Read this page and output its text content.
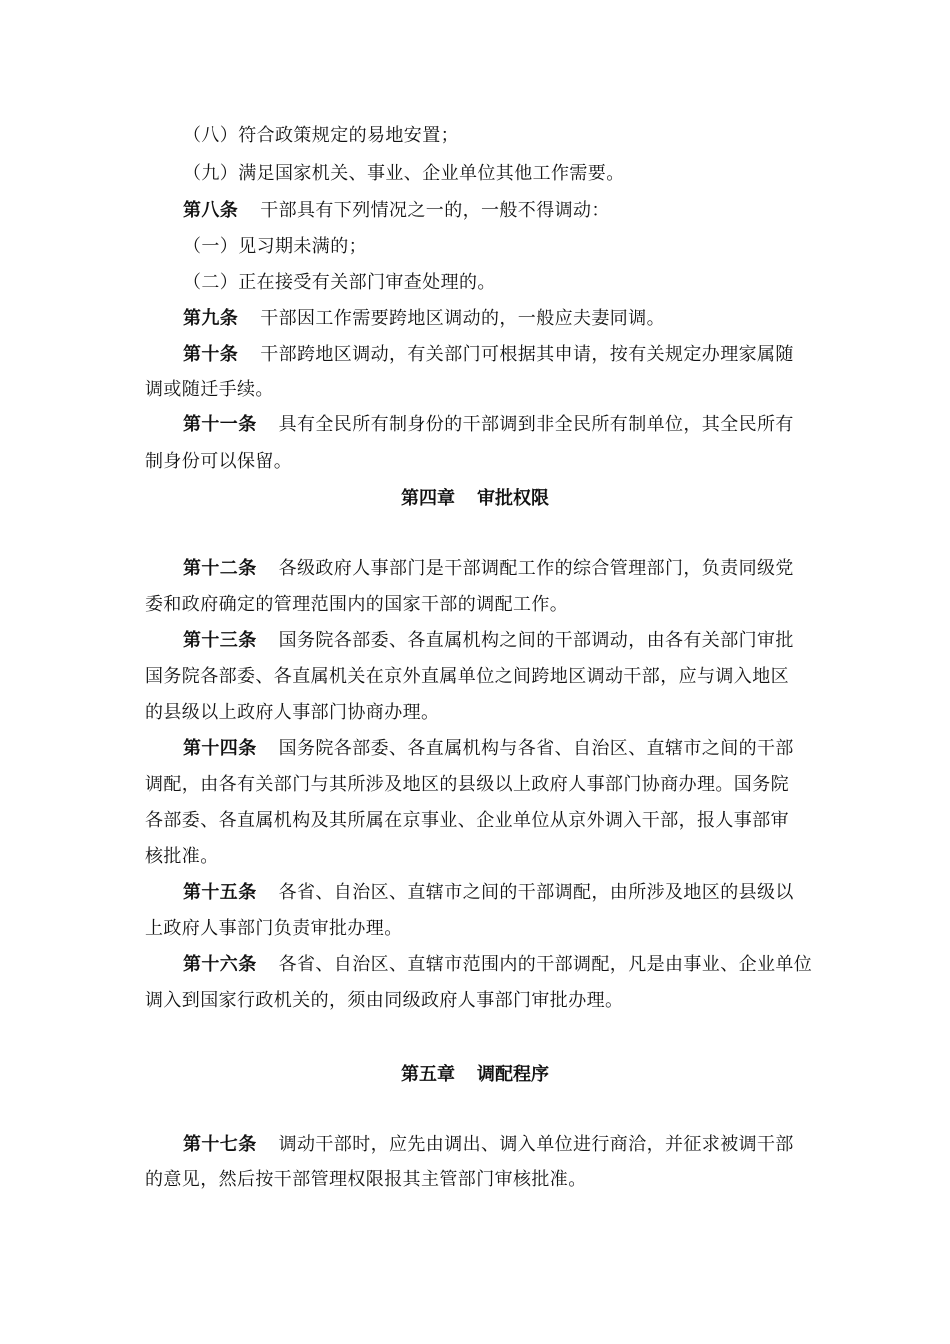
（八）符合政策规定的易地安置；
（九）满足国家机关、事业、企业单位其他工作需要。
第八条 干部具有下列情况之一的，一般不得调动：
（一）见习期未满的；
（二）正在接受有关部门审查处理的。
第九条 干部因工作需要跨地区调动的，一般应夫妻同调。
第十条 干部跨地区调动，有关部门可根据其申请，按有关规定办理家属随
调或随迁手续。
第十一条 具有全民所有制身份的干部调到非全民所有制单位，其全民所有
制身份可以保留。
第四章 审批权限
第十二条 各级政府人事部门是干部调配工作的综合管理部门，负责同级党
委和政府确定的管理范围内的国家干部的调配工作。
第十三条 国务院各部委、各直属机构之间的干部调动，由各有关部门审批
国务院各部委、各直属机关在京外直属单位之间跨地区调动干部，应与调入地区
的县级以上政府人事部门协商办理。
第十四条 国务院各部委、各直属机构与各省、自治区、直辖市之间的干部
调配，由各有关部门与其所涉及地区的县级以上政府人事部门协商办理。国务院
各部委、各直属机构及其所属在京事业、企业单位从京外调入干部，报人事部审
核批准。
第十五条 各省、自治区、直辖市之间的干部调配，由所涉及地区的县级以
上政府人事部门负责审批办理。
第十六条 各省、自治区、直辖市范围内的干部调配，凡是由事业、企业单位
调入到国家行政机关的，须由同级政府人事部门审批办理。
第五章 调配程序
第十七条 调动干部时，应先由调出、调入单位进行商洽，并征求被调干部
的意见，然后按干部管理权限报其主管部门审核批准。
